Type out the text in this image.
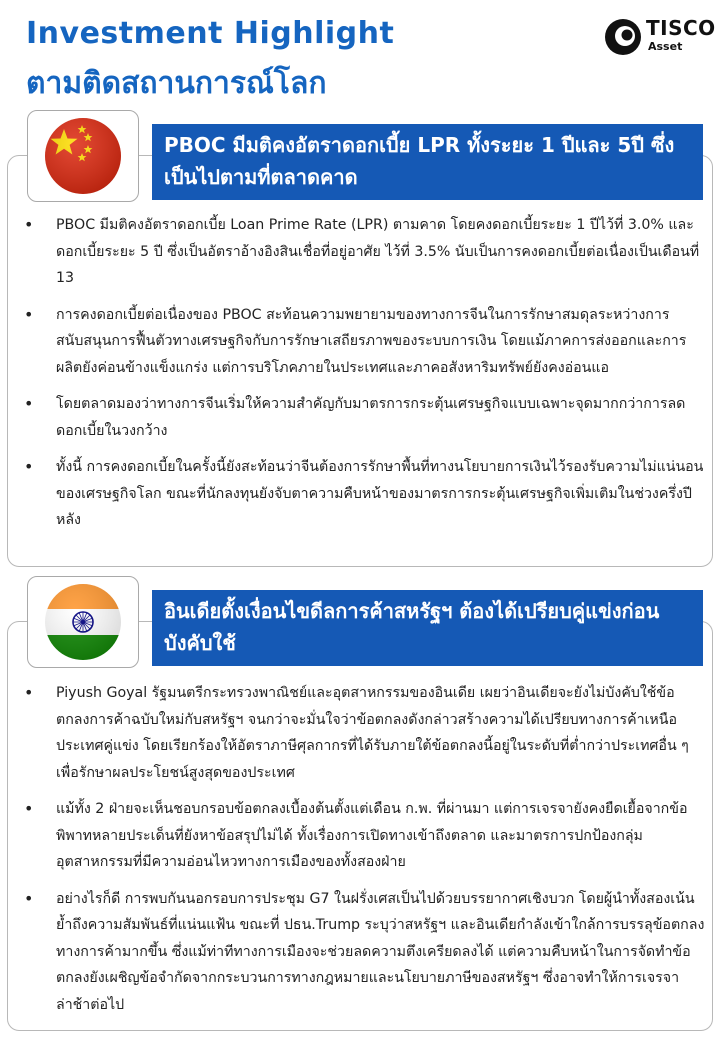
Investment Highlight
ตามติดสถานการณ์โลก
TISCO
Asset
PBOC มีมติคงอัตราดอกเบี้ย LPR ทั้งระยะ 1 ปีและ 5ปี ซึ่งเป็นไปตามที่ตลาดคาด
• PBOC มีมติคงอัตราดอกเบี้ย Loan Prime Rate (LPR) ตามคาด โดยคงดอกเบี้ยระยะ 1 ปีไว้ที่ 3.0% และดอกเบี้ยระยะ 5 ปี ซึ่งเป็นอัตราอ้างอิงสินเชื่อที่อยู่อาศัย ไว้ที่ 3.5% นับเป็นการคงดอกเบี้ยต่อเนื่องเป็นเดือนที่ 13
• การคงดอกเบี้ยต่อเนื่องของ PBOC สะท้อนความพยายามของทางการจีนในการรักษาสมดุลระหว่างการสนับสนุนการฟื้นตัวทางเศรษฐกิจกับการรักษาเสถียรภาพของระบบการเงิน โดยแม้ภาคการส่งออกและการผลิตยังค่อนข้างแข็งแกร่ง แต่การบริโภคภายในประเทศและภาคอสังหาริมทรัพย์ยังคงอ่อนแอ
• โดยตลาดมองว่าทางการจีนเริ่มให้ความสำคัญกับมาตรการกระตุ้นเศรษฐกิจแบบเฉพาะจุดมากกว่าการลดดอกเบี้ยในวงกว้าง
• ทั้งนี้ การคงดอกเบี้ยในครั้งนี้ยังสะท้อนว่าจีนต้องการรักษาพื้นที่ทางนโยบายการเงินไว้รองรับความไม่แน่นอนของเศรษฐกิจโลก ขณะที่นักลงทุนยังจับตาความคืบหน้าของมาตรการกระตุ้นเศรษฐกิจเพิ่มเติมในช่วงครึ่งปีหลัง
อินเดียตั้งเงื่อนไขดีลการค้าสหรัฐฯ ต้องได้เปรียบคู่แข่งก่อนบังคับใช้
• Piyush Goyal รัฐมนตรีกระทรวงพาณิชย์และอุตสาหกรรมของอินเดีย เผยว่าอินเดียจะยังไม่บังคับใช้ข้อตกลงการค้าฉบับใหม่กับสหรัฐฯ จนกว่าจะมั่นใจว่าข้อตกลงดังกล่าวสร้างความได้เปรียบทางการค้าเหนือประเทศคู่แข่ง โดยเรียกร้องให้อัตราภาษีศุลกากรที่ได้รับภายใต้ข้อตกลงนี้อยู่ในระดับที่ต่ำกว่าประเทศอื่น ๆ เพื่อรักษาผลประโยชน์สูงสุดของประเทศ
• แม้ทั้ง 2 ฝ่ายจะเห็นชอบกรอบข้อตกลงเบื้องต้นตั้งแต่เดือน ก.พ. ที่ผ่านมา แต่การเจรจายังคงยืดเยื้อจากข้อพิพาทหลายประเด็นที่ยังหาข้อสรุปไม่ได้ ทั้งเรื่องการเปิดทางเข้าถึงตลาด และมาตรการปกป้องกลุ่มอุตสาหกรรมที่มีความอ่อนไหวทางการเมืองของทั้งสองฝ่าย
• อย่างไรก็ดี การพบกันนอกรอบการประชุม G7 ในฝรั่งเศสเป็นไปด้วยบรรยากาศเชิงบวก โดยผู้นำทั้งสองเน้นย้ำถึงความสัมพันธ์ที่แน่นแฟ้น ขณะที่ ปธน.Trump ระบุว่าสหรัฐฯ และอินเดียกำลังเข้าใกล้การบรรลุข้อตกลงทางการค้ามากขึ้น ซึ่งแม้ท่าทีทางการเมืองจะช่วยลดความตึงเครียดลงได้ แต่ความคืบหน้าในการจัดทำข้อตกลงยังเผชิญข้อจำกัดจากกระบวนการทางกฎหมายและนโยบายภาษีของสหรัฐฯ ซึ่งอาจทำให้การเจรจาล่าช้าต่อไป
